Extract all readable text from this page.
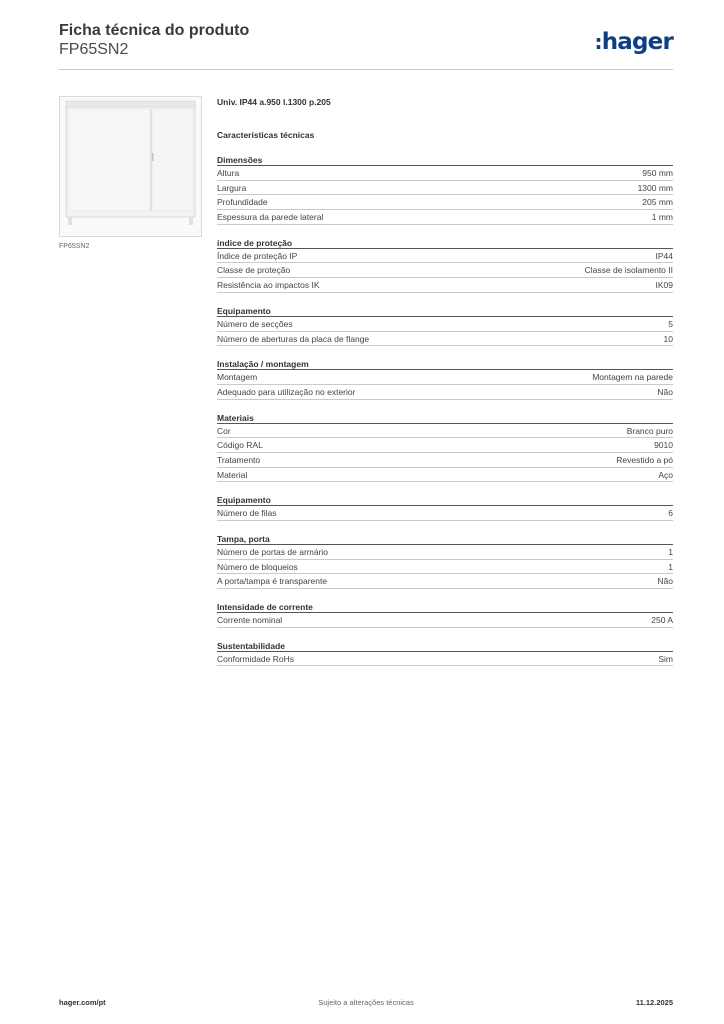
Ficha técnica do produto
FP65SN2	:hager
FP65SN2
Univ. IP44 a.950 l.1300 p.205
Características técnicas
Dimensões
Altura	950 mm
Largura	1300 mm
Profundidade	205 mm
Espessura da parede lateral	1 mm
índice de proteção
Índice de proteção IP	IP44
Classe de proteção	Classe de isolamento II
Resistência ao impactos IK	IK09
Equipamento
Número de secções	5
Número de aberturas da placa de flange	10
Instalação / montagem
Montagem	Montagem na parede
Adequado para utilização no exterior	Não
Materiais
Cor	Branco puro
Código RAL	9010
Tratamento	Revestido a pó
Material	Aço
Equipamento
Número de filas	6
Tampa, porta
Número de portas de armário	1
Número de bloqueios	1
A porta/tampa é transparente	Não
Intensidade de corrente
Corrente nominal	250 A
Sustentabilidade
Conformidade RoHs	Sim
Sujeito a alterações técnicas
hager.com/pt	11.12.2025
